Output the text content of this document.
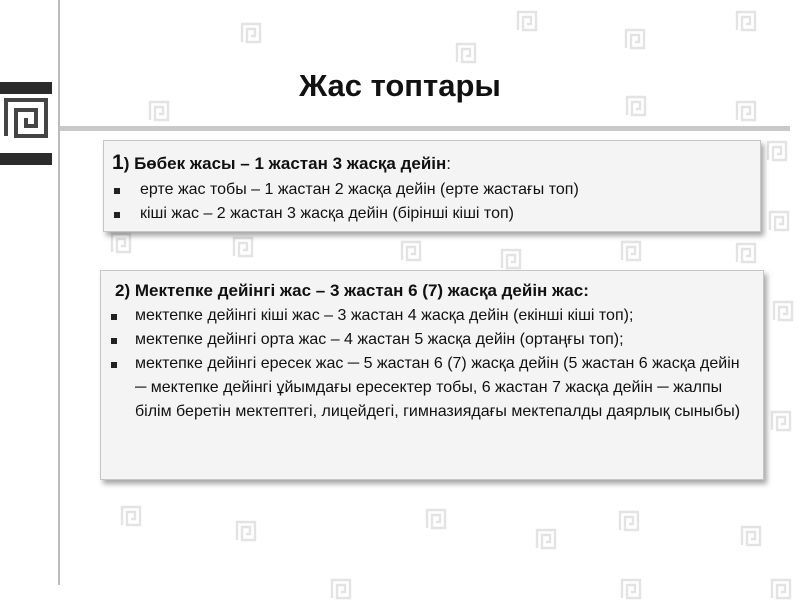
Жас топтары
1) Бөбек жасы – 1 жастан 3 жасқа дейін:
ерте жас тобы – 1 жастан 2 жасқа дейін (ерте жастағы топ)
кіші жас – 2 жастан 3 жасқа дейін (бірінші кіші топ)
2) Мектепке дейінгі жас – 3 жастан 6 (7) жасқа дейін жас:
мектепке дейінгі кіші жас – 3 жастан 4 жасқа дейін (екінші кіші топ);
мектепке дейінгі орта жас – 4 жастан 5 жасқа дейін (ортаңғы топ);
мектепке дейінгі ересек жас ─ 5 жастан 6 (7) жасқа дейін (5 жастан 6 жасқа дейін ─ мектепке дейінгі ұйымдағы ересектер тобы, 6 жастан 7 жасқа дейін ─ жалпы білім беретін мектептегі, лицейдегі, гимназиядағы мектепалды даярлық сыныбы)
